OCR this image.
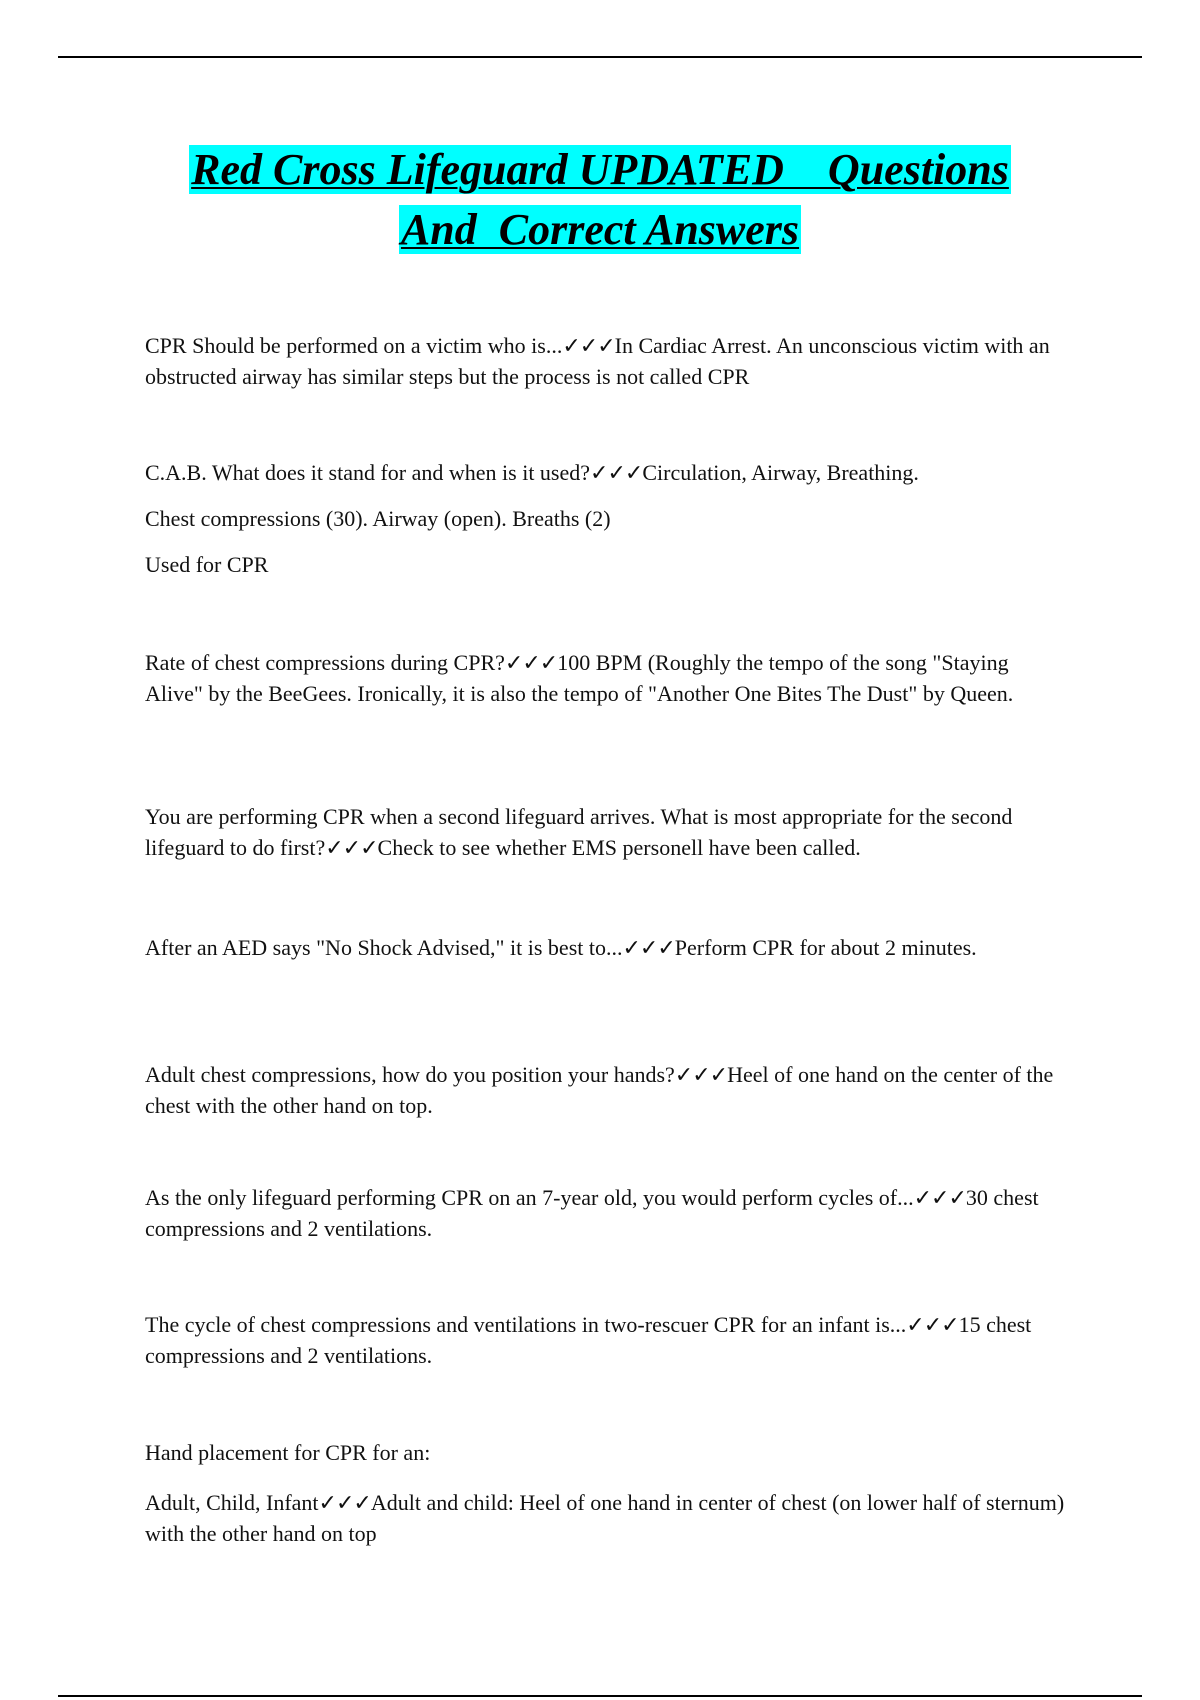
Red Cross Lifeguard UPDATED    Questions
And  Correct Answers

CPR Should be performed on a victim who is...✓✓✓In Cardiac Arrest. An unconscious victim with an obstructed airway has similar steps but the process is not called CPR

C.A.B. What does it stand for and when is it used?✓✓✓Circulation, Airway, Breathing.

Chest compressions (30). Airway (open). Breaths (2)

Used for CPR

Rate of chest compressions during CPR?✓✓✓100 BPM (Roughly the tempo of the song "Staying Alive" by the BeeGees. Ironically, it is also the tempo of "Another One Bites The Dust" by Queen.

You are performing CPR when a second lifeguard arrives. What is most appropriate for the second lifeguard to do first?✓✓✓Check to see whether EMS personell have been called.

After an AED says "No Shock Advised," it is best to...✓✓✓Perform CPR for about 2 minutes.

Adult chest compressions, how do you position your hands?✓✓✓Heel of one hand on the center of the chest with the other hand on top.

As the only lifeguard performing CPR on an 7-year old, you would perform cycles of...✓✓✓30 chest compressions and 2 ventilations.

The cycle of chest compressions and ventilations in two-rescuer CPR for an infant is...✓✓✓15 chest compressions and 2 ventilations.

Hand placement for CPR for an:

Adult, Child, Infant✓✓✓Adult and child: Heel of one hand in center of chest (on lower half of sternum) with the other hand on top
